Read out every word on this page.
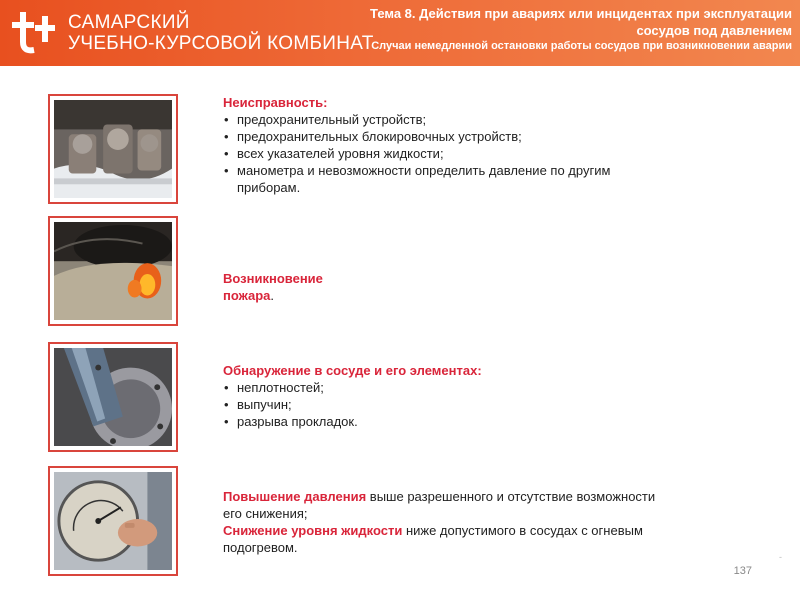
САМАРСКИЙ
УЧЕБНО-КУРСОВОЙ КОМБИНАТ
Тема 8. Действия при авариях или инцидентах при эксплуатации сосудов под давлением
Случаи немедленной остановки работы сосудов при возникновении аварии
Неисправность:
• предохранительный устройств;
• предохранительных блокировочных устройств;
• всех указателей уровня жидкости;
• манометра и невозможности определить давление по другим приборам.
Возникновение
пожара.
Обнаружение в сосуде и его элементах:
• неплотностей;
• выпучин;
• разрыва прокладок.
Повышение давления выше разрешенного и отсутствие возможности его снижения;
Снижение уровня жидкости ниже допустимого в сосудах с огневым подогревом.
-
137
